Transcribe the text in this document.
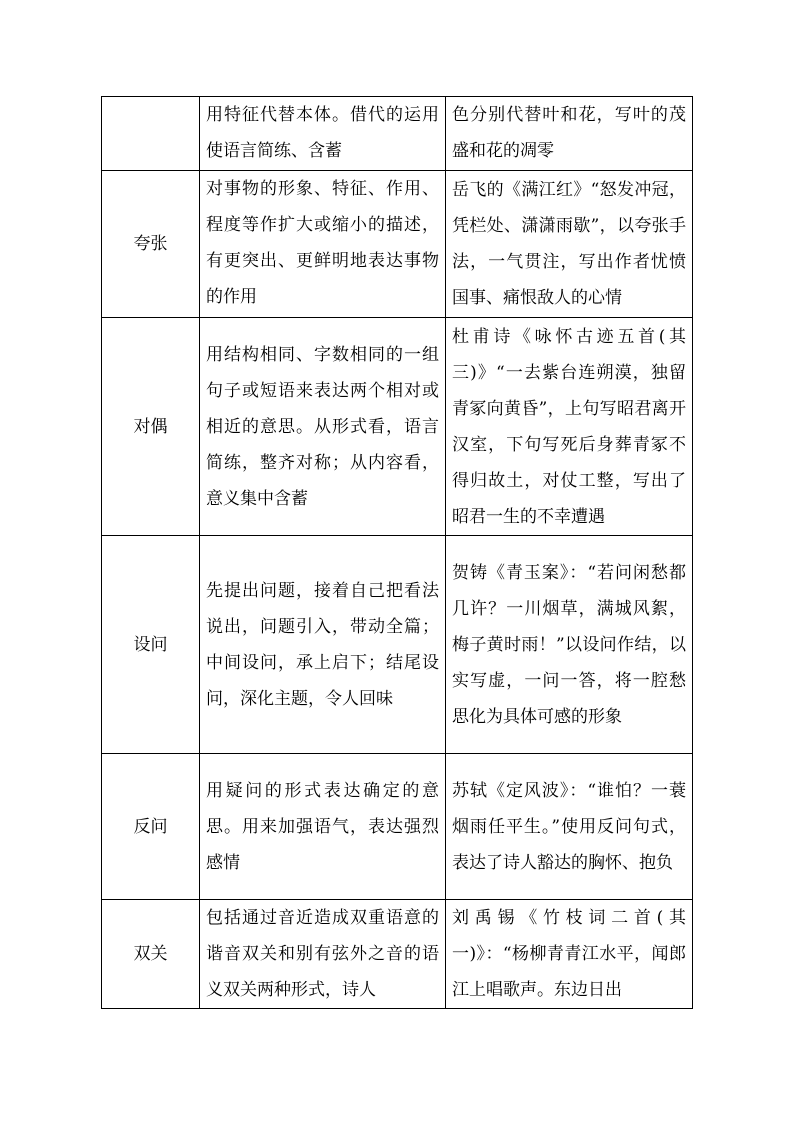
	用特征代替本体。借代的运用使语言简练、含蓄	色分别代替叶和花，写叶的茂盛和花的凋零
夸张	对事物的形象、特征、作用、程度等作扩大或缩小的描述，有更突出、更鲜明地表达事物的作用	岳飞的《满江红》“怒发冲冠，凭栏处、潇潇雨歇”，以夸张手法，一气贯注，写出作者忧愤国事、痛恨敌人的心情
对偶	用结构相同、字数相同的一组句子或短语来表达两个相对或相近的意思。从形式看，语言简练，整齐对称；从内容看，意义集中含蓄	杜甫诗《咏怀古迹五首(其三)》“一去紫台连朔漠，独留青冢向黄昏”，上句写昭君离开汉室，下句写死后身葬青冢不得归故土，对仗工整，写出了昭君一生的不幸遭遇
设问	先提出问题，接着自己把看法说出，问题引入，带动全篇；中间设问，承上启下；结尾设问，深化主题，令人回味	贺铸《青玉案》：“若问闲愁都几许？一川烟草，满城风絮，梅子黄时雨！”以设问作结，以实写虚，一问一答，将一腔愁思化为具体可感的形象
反问	用疑问的形式表达确定的意思。用来加强语气，表达强烈感情	苏轼《定风波》：“谁怕？一蓑烟雨任平生。”使用反问句式，表达了诗人豁达的胸怀、抱负
双关	包括通过音近造成双重语意的谐音双关和别有弦外之音的语义双关两种形式，诗人	刘禹锡《竹枝词二首(其一)》：“杨柳青青江水平，闻郎江上唱歌声。东边日出
